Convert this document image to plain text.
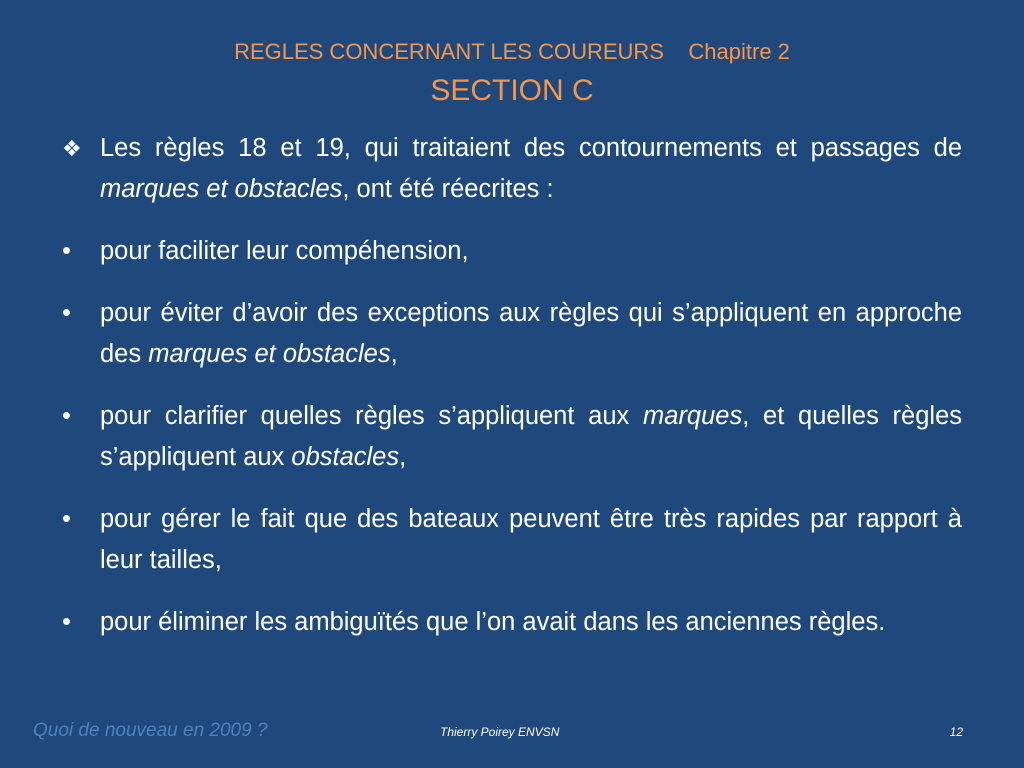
REGLES CONCERNANT LES COUREURS    Chapitre 2
SECTION C
❖ Les règles 18 et 19, qui traitaient des contournements et passages de marques et obstacles, ont été réecrites :
•	pour faciliter leur compéhension,
•	pour éviter d’avoir des exceptions aux règles qui s’appliquent en approche des marques et obstacles,
•	pour clarifier quelles règles s’appliquent aux marques, et quelles règles s’appliquent aux obstacles,
•	pour gérer le fait que des bateaux peuvent être très rapides par rapport à leur tailles,
•	pour éliminer les ambiguïtés que l’on avait dans les anciennes règles.
Quoi de nouveau en 2009 ?	Thierry Poirey ENVSN	12
